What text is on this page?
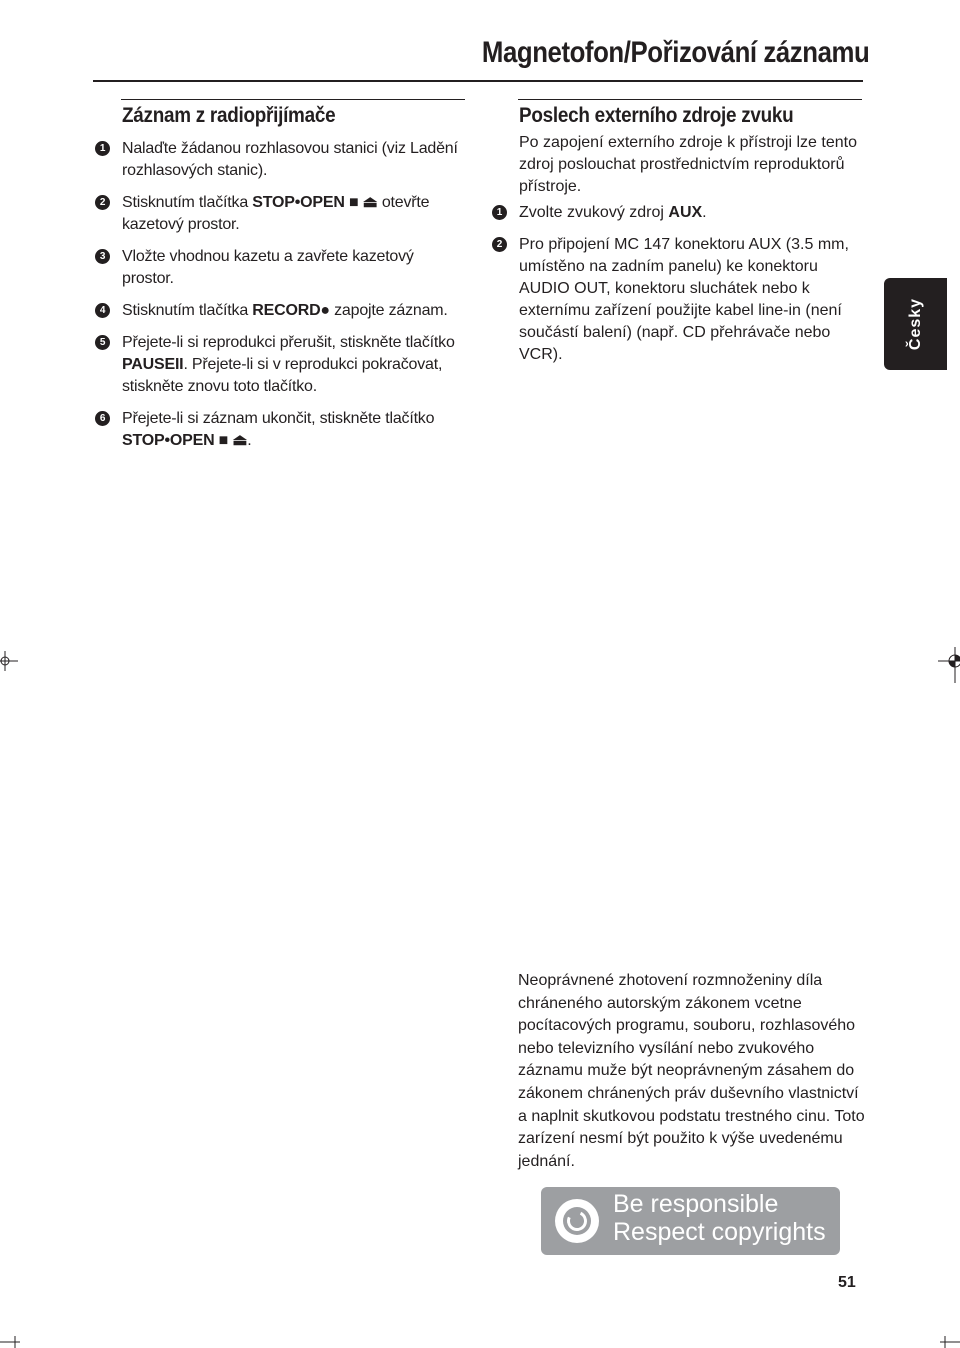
Magnetofon/Pořizování záznamu
Záznam z radiopřijímače
1	Nalaďte žádanou rozhlasovou stanici (viz Ladění rozhlasových stanic).
2	Stisknutím tlačítka STOP•OPEN ■ ⏏ otevřte kazetový prostor.
3	Vložte vhodnou kazetu a zavřete kazetový prostor.
4	Stisknutím tlačítka RECORD● zapojte záznam.
5	Přejete-li si reprodukci přerušit, stiskněte tlačítko PAUSEII. Přejete-li si v reprodukci pokračovat, stiskněte znovu toto tlačítko.
6	Přejete-li si záznam ukončit, stiskněte tlačítko STOP•OPEN ■ ⏏.
Poslech externího zdroje zvuku
Po zapojení externího zdroje k přístroji lze tento zdroj poslouchat prostřednictvím reproduktorů přístroje.
1 Zvolte zvukový zdroj AUX.
2 Pro připojení MC 147 konektoru AUX (3.5 mm, umístěno na zadním panelu) ke konektoru AUDIO OUT, konektoru sluchátek nebo k externímu zařízení použijte kabel line-in (není součástí balení) (např. CD přehrávače nebo VCR).
Česky
Neoprávnené zhotovení rozmnoženiny díla chráneného autorským zákonem vcetne pocítacových programu, souboru, rozhlasového nebo televizního vysílání nebo zvukového záznamu muže být neoprávneným zásahem do zákonem chránených práv duševního vlastnictví a naplnit skutkovou podstatu trestného cinu. Toto zarízení nesmí být použito k výše uvedenému jednání.
Be responsible
Respect copyrights
51
